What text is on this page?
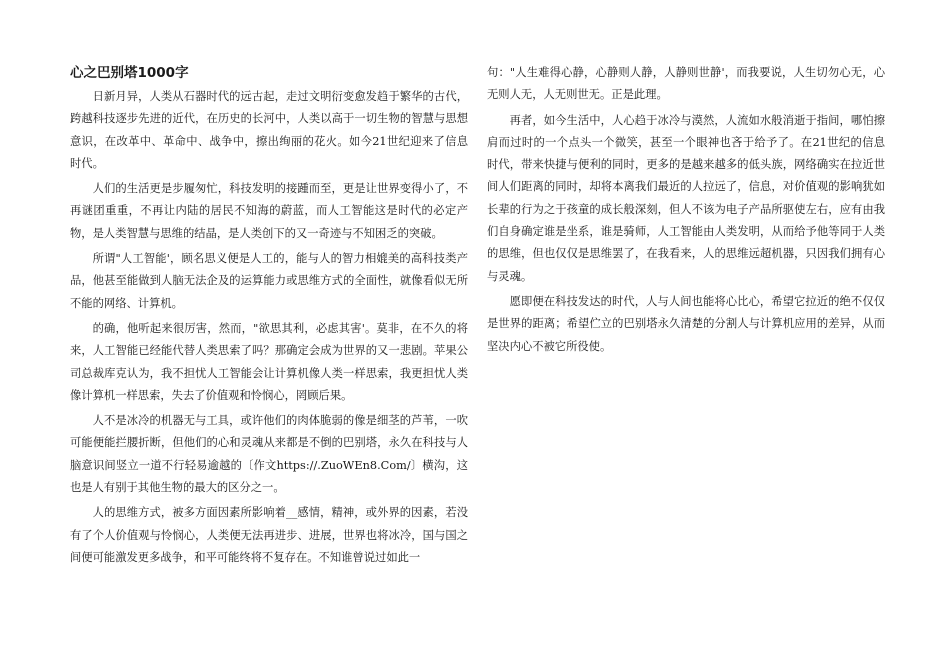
心之巴别塔1000字

日新月异，人类从石器时代的远古起，走过文明衍变愈发趋于繁华的古代，跨越科技逐步先进的近代，在历史的长河中，人类以高于一切生物的智慧与思想意识，在改革中、革命中、战争中，擦出绚丽的花火。如今21世纪迎来了信息时代。

人们的生活更是步履匆忙，科技发明的接踵而至，更是让世界变得小了，不再谜团重重，不再让内陆的居民不知海的蔚蓝，而人工智能这是时代的必定产物，是人类智慧与思维的结晶，是人类创下的又一奇迹与不知困乏的突破。

所谓"人工智能'，顾名思义便是人工的，能与人的智力相媲美的高科技类产品，他甚至能做到人脑无法企及的运算能力或思维方式的全面性，就像看似无所不能的网络、计算机。

的确，他听起来很厉害，然而，"欲思其利，必虑其害'。莫非，在不久的将来，人工智能已经能代替人类思索了吗？那确定会成为世界的又一悲剧。苹果公司总裁库克认为，我不担忧人工智能会让计算机像人类一样思索，我更担忧人类像计算机一样思索，失去了价值观和怜悯心，罔顾后果。

人不是冰冷的机器无与工具，或许他们的肉体脆弱的像是细茎的芦苇，一吹可能便能拦腰折断，但他们的心和灵魂从来都是不倒的巴别塔，永久在科技与人脑意识间竖立一道不行轻易逾越的〔作文https://.ZuoWEn8.Com/〕横沟，这也是人有别于其他生物的最大的区分之一。

人的思维方式，被多方面因素所影响着__感情，精神，或外界的因素，若没有了个人价值观与怜悯心，人类便无法再进步、进展，世界也将冰冷，国与国之间便可能激发更多战争，和平可能终将不复存在。不知谁曾说过如此一

句："人生难得心静，心静则人静，人静则世静'，而我要说，人生切勿心无，心无则人无，人无则世无。正是此理。

再者，如今生活中，人心趋于冰冷与漠然，人流如水般消逝于指间，哪怕擦肩而过时的一个点头一个微笑，甚至一个眼神也吝于给予了。在21世纪的信息时代，带来快捷与便利的同时，更多的是越来越多的低头族，网络确实在拉近世间人们距离的同时，却将本离我们最近的人拉远了，信息，对价值观的影响犹如长辈的行为之于孩童的成长般深刻，但人不该为电子产品所驱使左右，应有由我们自身确定谁是坐系，谁是骑师，人工智能由人类发明，从而给予他等同于人类的思维，但也仅仅是思维罢了，在我看来，人的思维远超机器，只因我们拥有心与灵魂。

愿即便在科技发达的时代，人与人间也能将心比心，希望它拉近的绝不仅仅是世界的距离；希望伫立的巴别塔永久清楚的分割人与计算机应用的差异，从而坚决内心不被它所役使。
